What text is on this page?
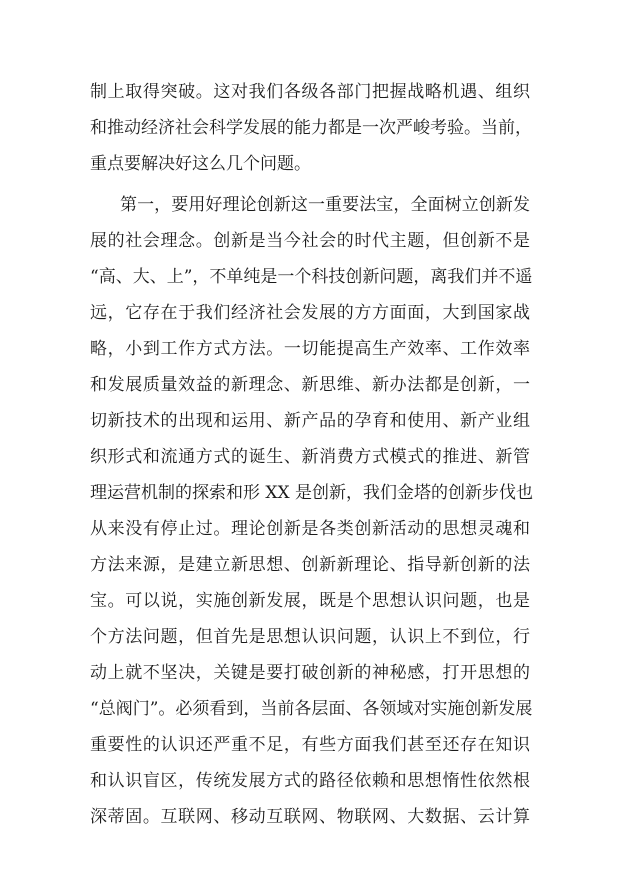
制上取得突破。这对我们各级各部门把握战略机遇、组织
和推动经济社会科学发展的能力都是一次严峻考验。当前，
重点要解决好这么几个问题。
第一，要用好理论创新这一重要法宝，全面树立创新发
展的社会理念。创新是当今社会的时代主题，但创新不是
“高、大、上”，不单纯是一个科技创新问题，离我们并不遥
远，它存在于我们经济社会发展的方方面面，大到国家战
略，小到工作方式方法。一切能提高生产效率、工作效率
和发展质量效益的新理念、新思维、新办法都是创新，一
切新技术的出现和运用、新产品的孕育和使用、新产业组
织形式和流通方式的诞生、新消费方式模式的推进、新管
理运营机制的探索和形 XX 是创新，我们金塔的创新步伐也
从来没有停止过。理论创新是各类创新活动的思想灵魂和
方法来源，是建立新思想、创新新理论、指导新创新的法
宝。可以说，实施创新发展，既是个思想认识问题，也是
个方法问题，但首先是思想认识问题，认识上不到位，行
动上就不坚决，关键是要打破创新的神秘感，打开思想的
“总阀门”。必须看到，当前各层面、各领域对实施创新发展
重要性的认识还严重不足，有些方面我们甚至还存在知识
和认识盲区，传统发展方式的路径依赖和思想惰性依然根
深蒂固。互联网、移动互联网、物联网、大数据、云计算
